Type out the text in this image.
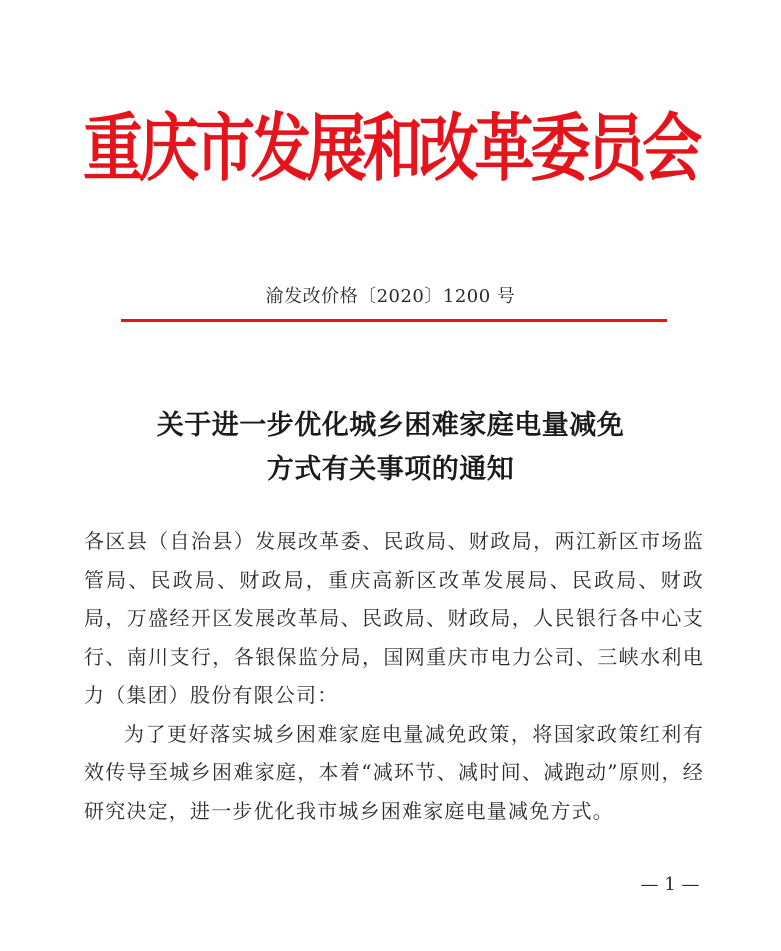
重庆市发展和改革委员会
渝发改价格〔2020〕1200 号
关于进一步优化城乡困难家庭电量减免
方式有关事项的通知

各区县（自治县）发展改革委、民政局、财政局，两江新区市场监管局、民政局、财政局，重庆高新区改革发展局、民政局、财政局，万盛经开区发展改革局、民政局、财政局，人民银行各中心支行、南川支行，各银保监分局，国网重庆市电力公司、三峡水利电力（集团）股份有限公司：

为了更好落实城乡困难家庭电量减免政策，将国家政策红利有效传导至城乡困难家庭，本着“减环节、减时间、减跑动”原则，经研究决定，进一步优化我市城乡困难家庭电量减免方式。

— 1 —
